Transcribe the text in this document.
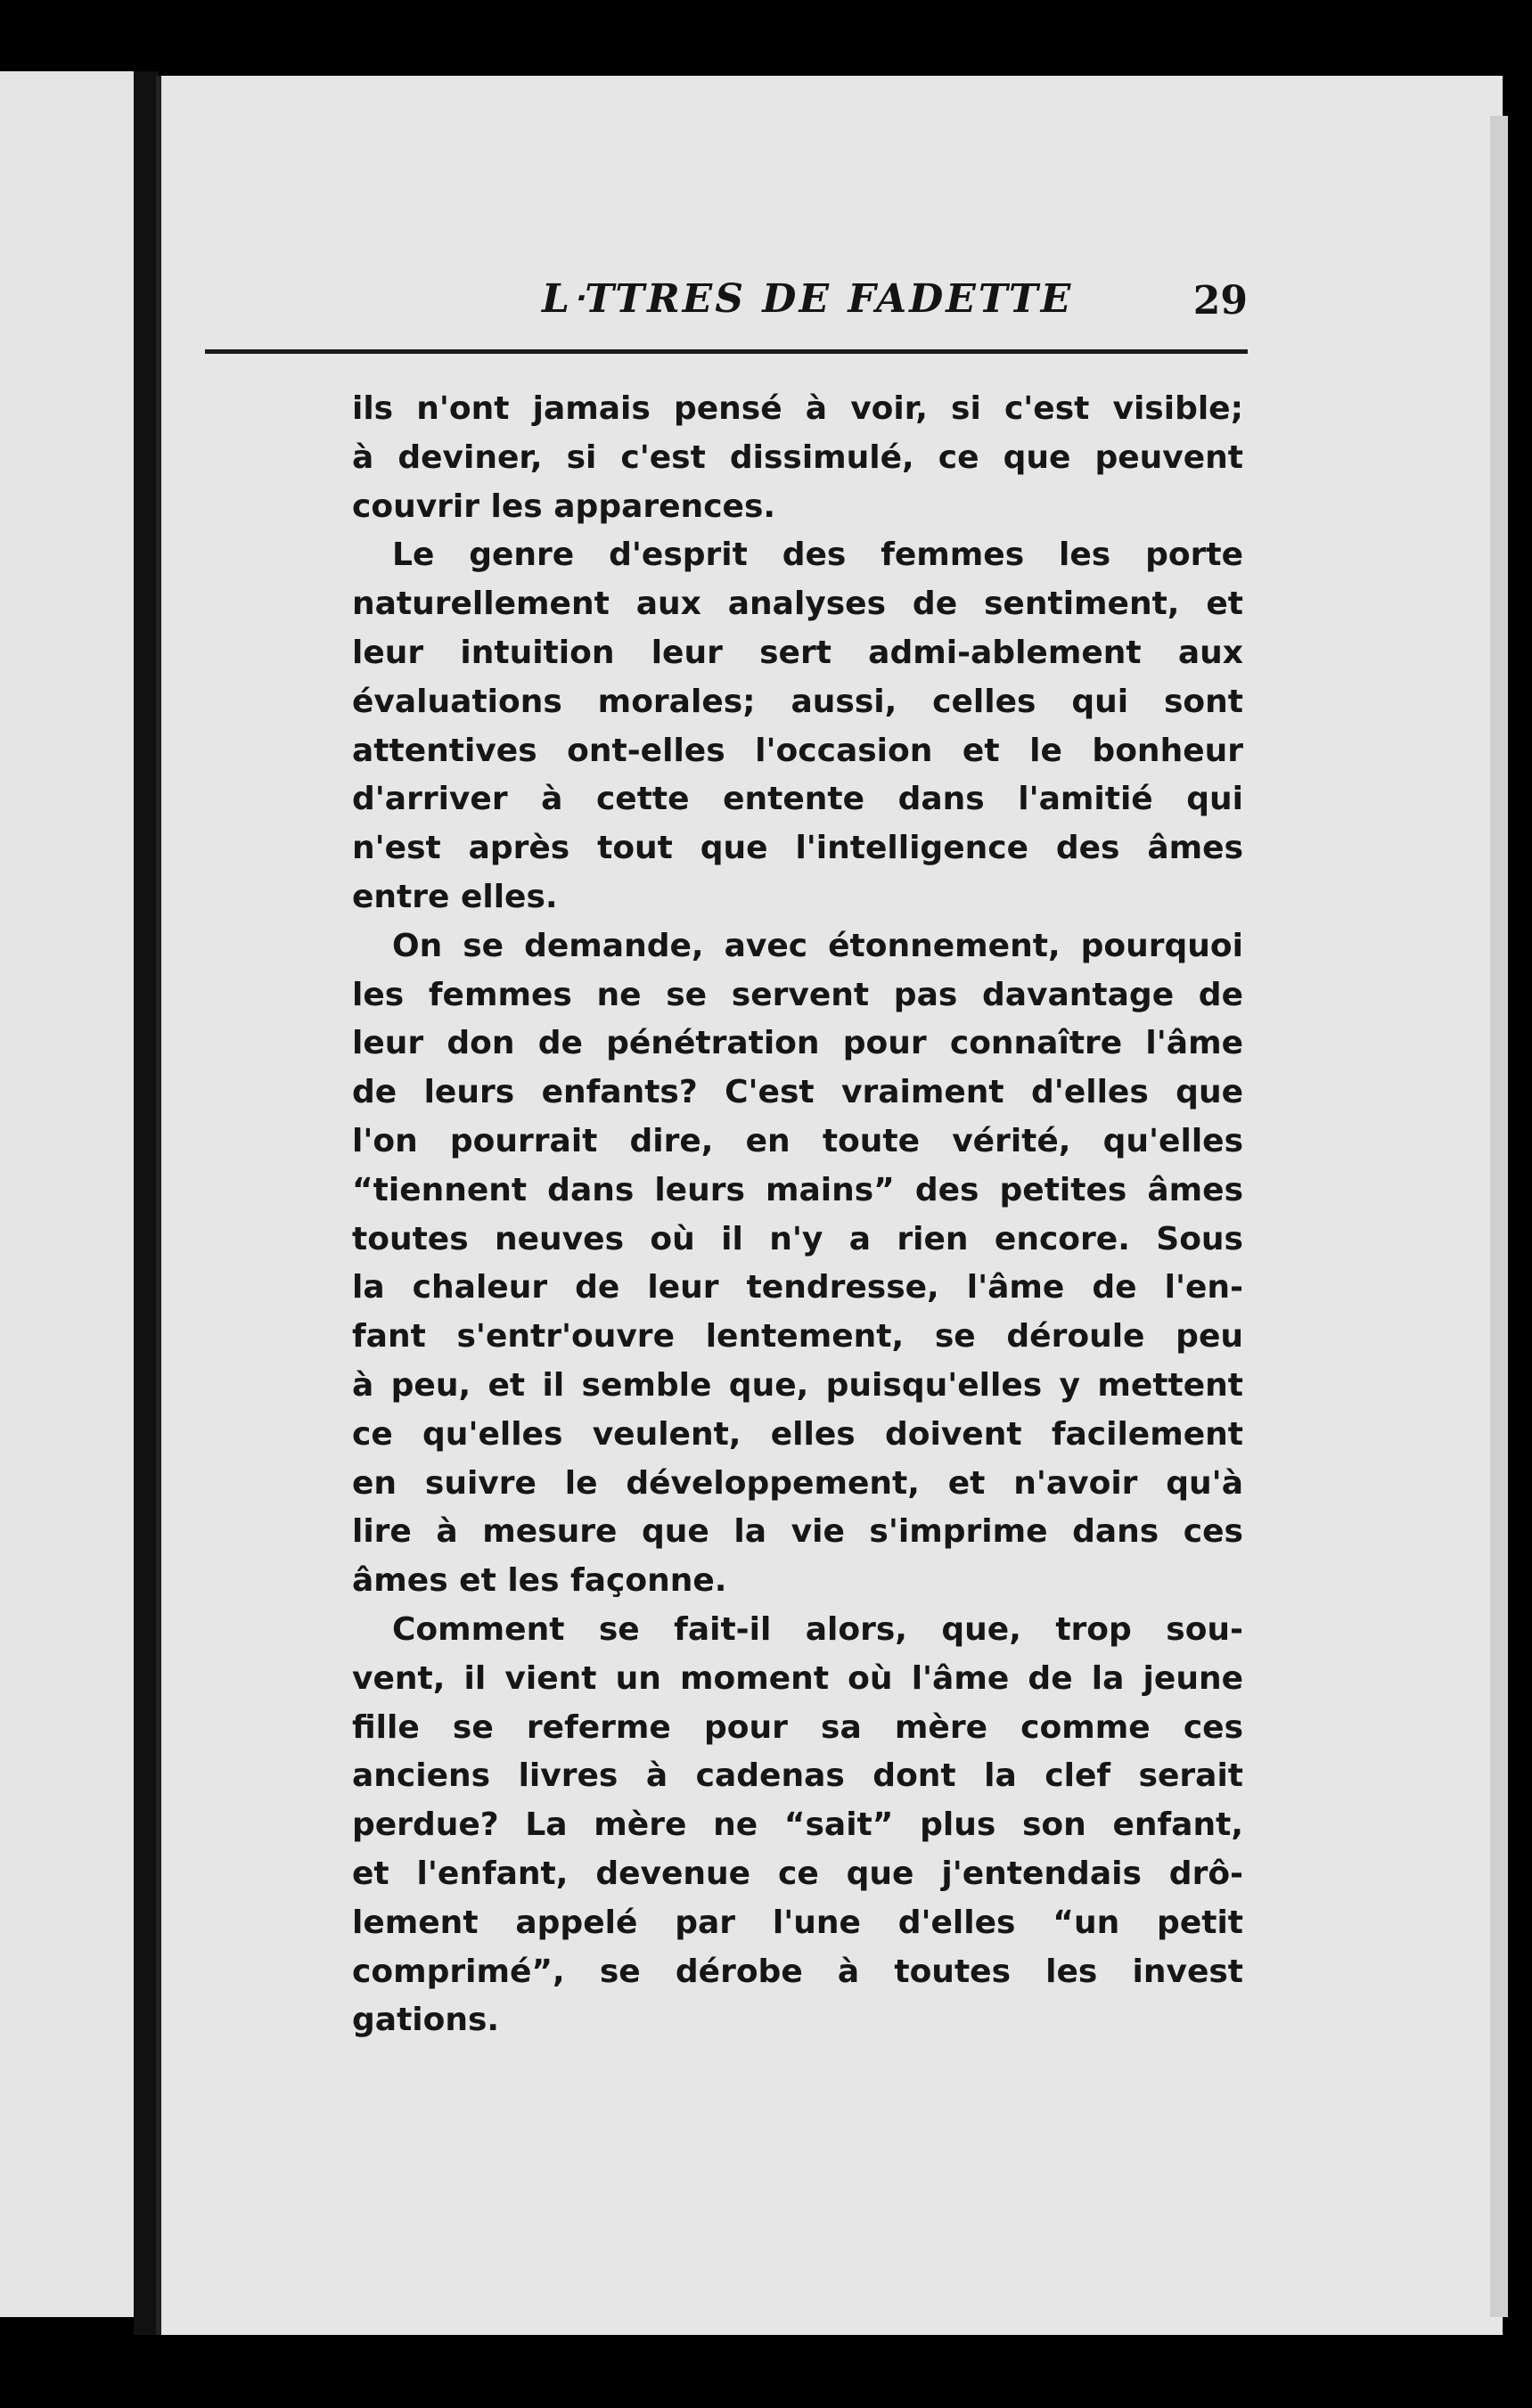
LᐧTTRES DE FADETTE	29
ils n'ont jamais pensé à voir, si c'est visible;
à deviner, si c'est dissimulé, ce que peuvent
couvrir les apparences.
Le genre d'esprit des femmes les porte
naturellement aux analyses de sentiment, et
leur intuition leur sert admi-ablement aux
évaluations morales; aussi, celles qui sont
attentives ont-elles l'occasion et le bonheur
d'arriver à cette entente dans l'amitié qui
n'est après tout que l'intelligence des âmes
entre elles.
On se demande, avec étonnement, pourquoi
les femmes ne se servent pas davantage de
leur don de pénétration pour connaître l'âme
de leurs enfants? C'est vraiment d'elles que
l'on pourrait dire, en toute vérité, qu'elles
“tiennent dans leurs mains” des petites âmes
toutes neuves où il n'y a rien encore. Sous
la chaleur de leur tendresse, l'âme de l'en-
fant s'entr'ouvre lentement, se déroule peu
à peu, et il semble que, puisqu'elles y mettent
ce qu'elles veulent, elles doivent facilement
en suivre le développement, et n'avoir qu'à
lire à mesure que la vie s'imprime dans ces
âmes et les façonne.
Comment se fait-il alors, que, trop sou-
vent, il vient un moment où l'âme de la jeune
fille se referme pour sa mère comme ces
anciens livres à cadenas dont la clef serait
perdue? La mère ne “sait” plus son enfant,
et l'enfant, devenue ce que j'entendais drô-
lement appelé par l'une d'elles “un petit
comprimé”, se dérobe à toutes les invest
gations.
